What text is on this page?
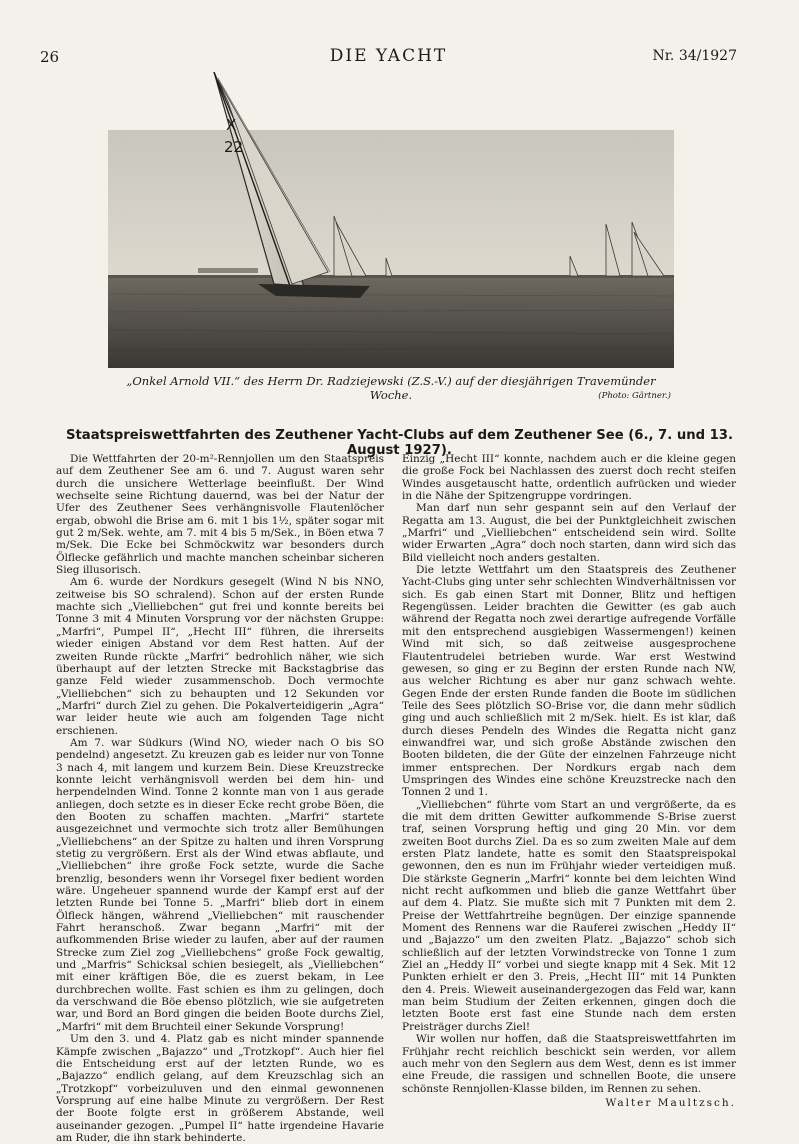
26	DIE YACHT	Nr. 34/1927
X
22
„Onkel Arnold VII.“ des Herrn Dr. Radziejewski (Z.S.-V.) auf der diesjährigen Travemünder Woche.	(Photo: Gärtner.)
Staatspreiswettfahrten des Zeuthener Yacht-Clubs auf dem Zeuthener See (6., 7. und 13. August 1927).

Die Wettfahrten der 20-m²-Rennjollen um den Staatspreis auf dem Zeuthener See am 6. und 7. August waren sehr durch die unsichere Wetterlage beeinflußt. Der Wind wechselte seine Richtung dauernd, was bei der Natur der Ufer des Zeuthener Sees verhängnisvolle Flautenlöcher ergab, obwohl die Brise am 6. mit 1 bis 1½, später sogar mit gut 2 m/Sek. wehte, am 7. mit 4 bis 5 m/Sek., in Böen etwa 7 m/Sek. Die Ecke bei Schmöckwitz war besonders durch Ölflecke gefährlich und machte manchen scheinbar sicheren Sieg illusorisch.

Am 6. wurde der Nordkurs gesegelt (Wind N bis NNO, zeitweise bis SO schralend). Schon auf der ersten Runde machte sich „Vielliebchen“ gut frei und konnte bereits bei Tonne 3 mit 4 Minuten Vorsprung vor der nächsten Gruppe: „Marfri“, Pumpel II“, „Hecht III“ führen, die ihrerseits wieder einigen Abstand vor dem Rest hatten. Auf der zweiten Runde rückte „Marfri“ bedrohlich näher, wie sich überhaupt auf der letzten Strecke mit Backstagbrise das ganze Feld wieder zusammenschob. Doch vermochte „Vielliebchen“ sich zu behaupten und 12 Sekunden vor „Marfri“ durch Ziel zu gehen. Die Pokalverteidigerin „Agra“ war leider heute wie auch am folgenden Tage nicht erschienen.

Am 7. war Südkurs (Wind NO, wieder nach O bis SO pendelnd) angesetzt. Zu kreuzen gab es leider nur von Tonne 3 nach 4, mit langem und kurzem Bein. Diese Kreuzstrecke konnte leicht verhängnisvoll werden bei dem hin- und herpendelnden Wind. Tonne 2 konnte man von 1 aus gerade anliegen, doch setzte es in dieser Ecke recht grobe Böen, die den Booten zu schaffen machten. „Marfri“ startete ausgezeichnet und vermochte sich trotz aller Bemühungen „Vielliebchens“ an der Spitze zu halten und ihren Vorsprung stetig zu vergrößern. Erst als der Wind etwas abflaute, und „Vielliebchen“ ihre große Fock setzte, wurde die Sache brenzlig, besonders wenn ihr Vorsegel fixer bedient worden wäre. Ungeheuer spannend wurde der Kampf erst auf der letzten Runde bei Tonne 5. „Marfri“ blieb dort in einem Ölfleck hängen, während „Vielliebchen“ mit rauschender Fahrt heranschoß. Zwar begann „Marfri“ mit der aufkommenden Brise wieder zu laufen, aber auf der raumen Strecke zum Ziel zog „Vielliebchens“ große Fock gewaltig, und „Marfris“ Schicksal schien besiegelt, als „Vielliebchen“ mit einer kräftigen Böe, die es zuerst bekam, in Lee durchbrechen wollte. Fast schien es ihm zu gelingen, doch da verschwand die Böe ebenso plötzlich, wie sie aufgetreten war, und Bord an Bord gingen die beiden Boote durchs Ziel, „Marfri“ mit dem Bruchteil einer Sekunde Vorsprung!

Um den 3. und 4. Platz gab es nicht minder spannende Kämpfe zwischen „Bajazzo“ und „Trotzkopf“. Auch hier fiel die Entscheidung erst auf der letzten Runde, wo es „Bajazzo“ endlich gelang, auf dem Kreuzschlag sich an „Trotzkopf“ vorbeizuluven und den einmal gewonnenen Vorsprung auf eine halbe Minute zu vergrößern. Der Rest der Boote folgte erst in größerem Abstande, weil auseinander gezogen. „Pumpel II“ hatte irgendeine Havarie am Ruder, die ihn stark behinderte.

Einzig „Hecht III“ konnte, nachdem auch er die kleine gegen die große Fock bei Nachlassen des zuerst doch recht steifen Windes ausgetauscht hatte, ordentlich aufrücken und wieder in die Nähe der Spitzengruppe vordringen.

Man darf nun sehr gespannt sein auf den Verlauf der Regatta am 13. August, die bei der Punktgleichheit zwischen „Marfri“ und „Vielliebchen“ entscheidend sein wird. Sollte wider Erwarten „Agra“ doch noch starten, dann wird sich das Bild vielleicht noch anders gestalten.

Die letzte Wettfahrt um den Staatspreis des Zeuthener Yacht-Clubs ging unter sehr schlechten Windverhältnissen vor sich. Es gab einen Start mit Donner, Blitz und heftigen Regengüssen. Leider brachten die Gewitter (es gab auch während der Regatta noch zwei derartige aufregende Vorfälle mit den entsprechend ausgiebigen Wassermengen!) keinen Wind mit sich, so daß zeitweise ausgesprochene Flautentrudelei betrieben wurde. War erst Westwind gewesen, so ging er zu Beginn der ersten Runde nach NW, aus welcher Richtung es aber nur ganz schwach wehte. Gegen Ende der ersten Runde fanden die Boote im südlichen Teile des Sees plötzlich SO-Brise vor, die dann mehr südlich ging und auch schließlich mit 2 m/Sek. hielt. Es ist klar, daß durch dieses Pendeln des Windes die Regatta nicht ganz einwandfrei war, und sich große Abstände zwischen den Booten bildeten, die der Güte der einzelnen Fahrzeuge nicht immer entsprechen. Der Nordkurs ergab nach dem Umspringen des Windes eine schöne Kreuzstrecke nach den Tonnen 2 und 1.

„Vielliebchen“ führte vom Start an und vergrößerte, da es die mit dem dritten Gewitter aufkommende S-Brise zuerst traf, seinen Vorsprung heftig und ging 20 Min. vor dem zweiten Boot durchs Ziel. Da es so zum zweiten Male auf dem ersten Platz landete, hatte es somit den Staatspreispokal gewonnen, den es nun im Frühjahr wieder verteidigen muß. Die stärkste Gegnerin „Marfri“ konnte bei dem leichten Wind nicht recht aufkommen und blieb die ganze Wettfahrt über auf dem 4. Platz. Sie mußte sich mit 7 Punkten mit dem 2. Preise der Wettfahrtreihe begnügen. Der einzige spannende Moment des Rennens war die Rauferei zwischen „Heddy II“ und „Bajazzo“ um den zweiten Platz. „Bajazzo“ schob sich schließlich auf der letzten Vorwindstrecke von Tonne 1 zum Ziel an „Heddy II“ vorbei und siegte knapp mit 4 Sek. Mit 12 Punkten erhielt er den 3. Preis, „Hecht III“ mit 14 Punkten den 4. Preis. Wieweit auseinandergezogen das Feld war, kann man beim Studium der Zeiten erkennen, gingen doch die letzten Boote erst fast eine Stunde nach dem ersten Preisträger durchs Ziel!

Wir wollen nur hoffen, daß die Staatspreiswettfahrten im Frühjahr recht reichlich beschickt sein werden, vor allem auch mehr von den Seglern aus dem West, denn es ist immer eine Freude, die rassigen und schnellen Boote, die unsere schönste Rennjollen-Klasse bilden, im Rennen zu sehen.

Walter Maultzsch.
